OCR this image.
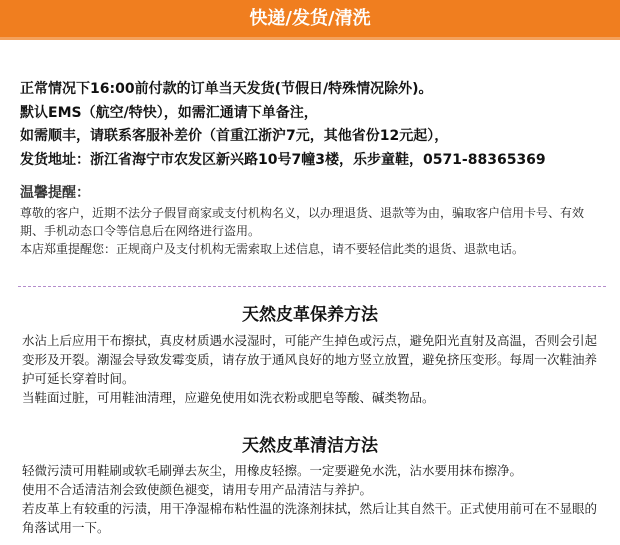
快递/发货/清洗
正常情况下16:00前付款的订单当天发货(节假日/特殊情况除外)。
默认EMS（航空/特快），如需汇通请下单备注，
如需顺丰，请联系客服补差价（首重江浙沪7元，其他省份12元起），
发货地址：浙江省海宁市农发区新兴路10号7幢3楼，乐步童鞋，0571-88365369
温馨提醒：

尊敬的客户，近期不法分子假冒商家或支付机构名义，以办理退货、退款等为由，骗取客户信用卡号、有效期、手机动态口令等信息后在网络进行盗用。

本店郑重提醒您：正规商户及支付机构无需索取上述信息，请不要轻信此类的退货、退款电话。

天然皮革保养方法

水沾上后应用干布擦拭，真皮材质遇水浸湿时，可能产生掉色或污点，避免阳光直射及高温，否则会引起变形及开裂。潮湿会导致发霉变质，请存放于通风良好的地方竖立放置，避免挤压变形。每周一次鞋油养护可延长穿着时间。

当鞋面过脏，可用鞋油清理，应避免使用如洗衣粉或肥皂等酸、碱类物品。

天然皮革清洁方法

轻微污渍可用鞋刷或软毛刷弹去灰尘，用橡皮轻擦。一定要避免水洗，沾水要用抹布擦净。

使用不合适清洁剂会致使颜色褪变，请用专用产品清洁与养护。

若皮革上有较重的污渍，用干净湿棉布粘性温的洗涤剂抹拭，然后让其自然干。正式使用前可在不显眼的角落试用一下。
